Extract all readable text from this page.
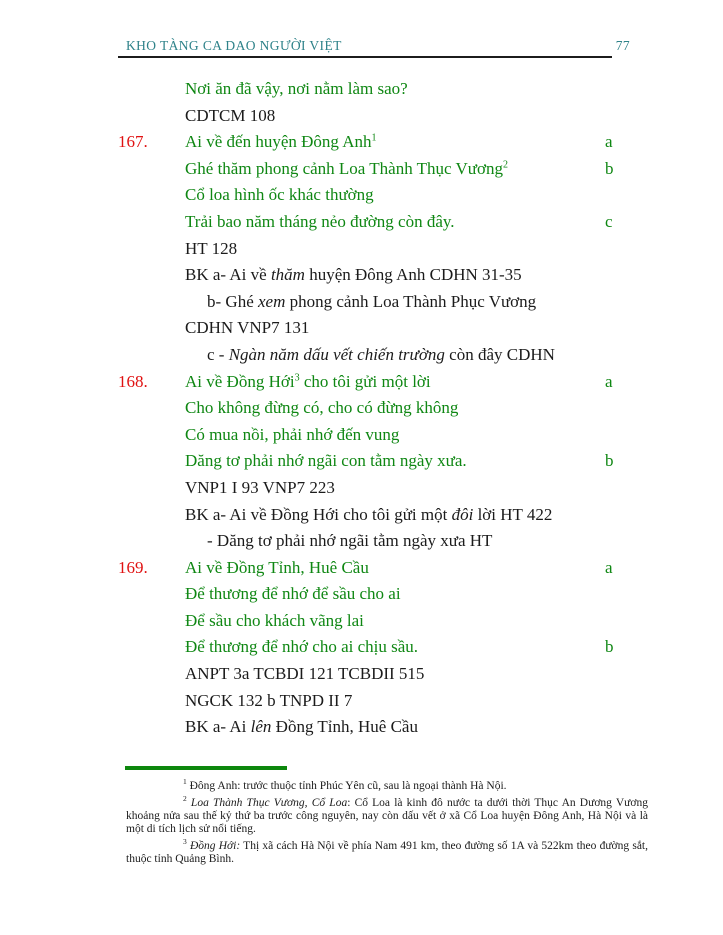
KHO TÀNG CA DAO NGƯỜI VIỆT	77
Nơi ăn đã vậy, nơi nằm làm sao?
CDTCM 108
167. Ai về đến huyện Đông Anh$^1$	a
Ghé thăm phong cảnh Loa Thành Thục Vương$^2$	b
Cổ loa hình ốc khác thường
Trải bao năm tháng nẻo đường còn đây.	c
HT 128
BK a- Ai về thăm huyện Đông Anh CDHN 31-35
b- Ghé xem phong cảnh Loa Thành Phục Vương
CDHN VNP7 131
c - Ngàn năm dấu vết chiến trường còn đây CDHN
168. Ai về Đồng Hới$^3$ cho tôi gửi một lời	a
Cho không đừng có, cho có đừng không
Có mua nồi, phải nhớ đến vung
Dăng tơ phải nhớ ngãi con tằm ngày xưa.	b
VNP1 I 93 VNP7 223
BK a- Ai về Đồng Hới cho tôi gửi một đôi lời HT 422
- Dăng tơ phải nhớ ngãi tằm ngày xưa HT
169. Ai về Đồng Tỉnh, Huê Cầu	a
Để thương để nhớ để sầu cho ai
Để sầu cho khách vãng lai
Để thương để nhớ cho ai chịu sầu.	b
ANPT 3a TCBDI 121 TCBDII 515
NGCK 132 b TNPD II 7
BK a- Ai lên Đồng Tỉnh, Huê Cầu

$^1$ Đông Anh: trước thuộc tỉnh Phúc Yên cũ, sau là ngoại thành Hà Nội.

$^2$ Loa Thành Thục Vương, Cổ Loa: Cổ Loa là kinh đô nước ta dưới thời Thục An Dương Vương khoảng nửa sau thế kỷ thứ ba trước công nguyên, nay còn dấu vết ở xã Cổ Loa huyện Đông Anh, Hà Nội và là một di tích lịch sử nổi tiếng.

$^3$ Đồng Hới: Thị xã cách Hà Nội về phía Nam 491 km, theo đường số 1A và 522km theo đường sắt, thuộc tỉnh Quảng Bình.
